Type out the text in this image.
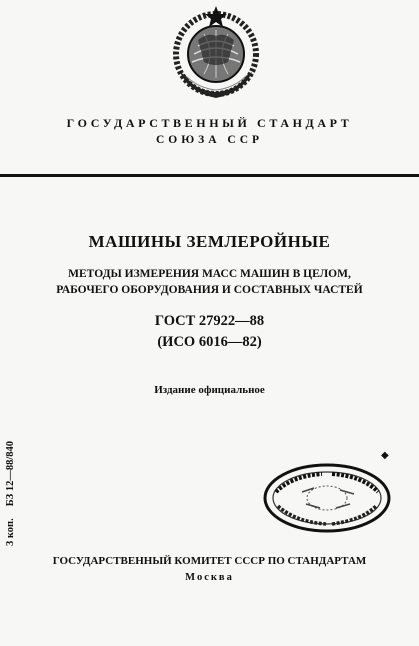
ГОСУДАРСТВЕННЫЙ СТАНДАРТ
СОЮЗА ССР
МАШИНЫ ЗЕМЛЕРОЙНЫЕ
МЕТОДЫ ИЗМЕРЕНИЯ МАСС МАШИН В ЦЕЛОМ,
РАБОЧЕГО ОБОРУДОВАНИЯ И СОСТАВНЫХ ЧАСТЕЙ
ГОСТ 27922—88
(ИСО 6016—82)
Издание официальное
3 коп.БЗ 12—88/840	◆
ГОСУДАРСТВЕННЫЙ КОМИТЕТ СССР ПО СТАНДАРТАМ
Москва
